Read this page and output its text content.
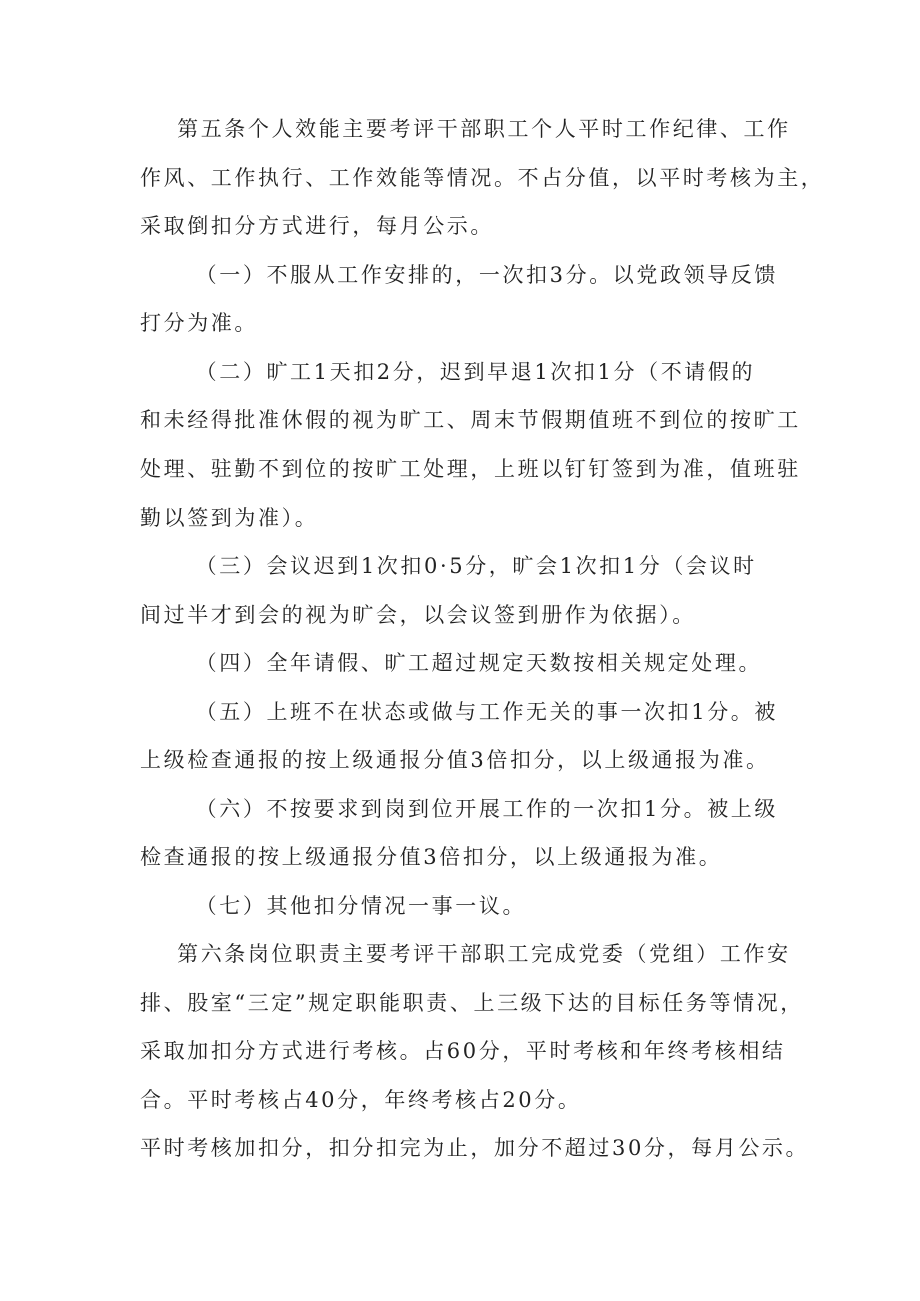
第五条个人效能主要考评干部职工个人平时工作纪律、工作
作风、工作执行、工作效能等情况。不占分值，以平时考核为主，
采取倒扣分方式进行，每月公示。
（一）不服从工作安排的，一次扣3分。以党政领导反馈
打分为准。
（二）旷工1天扣2分，迟到早退1次扣1分（不请假的
和未经得批准休假的视为旷工、周末节假期值班不到位的按旷工
处理、驻勤不到位的按旷工处理，上班以钉钉签到为准，值班驻
勤以签到为准）。
（三）会议迟到1次扣0·5分，旷会1次扣1分（会议时
间过半才到会的视为旷会，以会议签到册作为依据）。
（四）全年请假、旷工超过规定天数按相关规定处理。
（五）上班不在状态或做与工作无关的事一次扣1分。被
上级检查通报的按上级通报分值3倍扣分，以上级通报为准。
（六）不按要求到岗到位开展工作的一次扣1分。被上级
检查通报的按上级通报分值3倍扣分，以上级通报为准。
（七）其他扣分情况一事一议。
第六条岗位职责主要考评干部职工完成党委（党组）工作安
排、股室“三定”规定职能职责、上三级下达的目标任务等情况，
采取加扣分方式进行考核。占60分，平时考核和年终考核相结
合。平时考核占40分，年终考核占20分。
平时考核加扣分，扣分扣完为止，加分不超过30分，每月公示。
